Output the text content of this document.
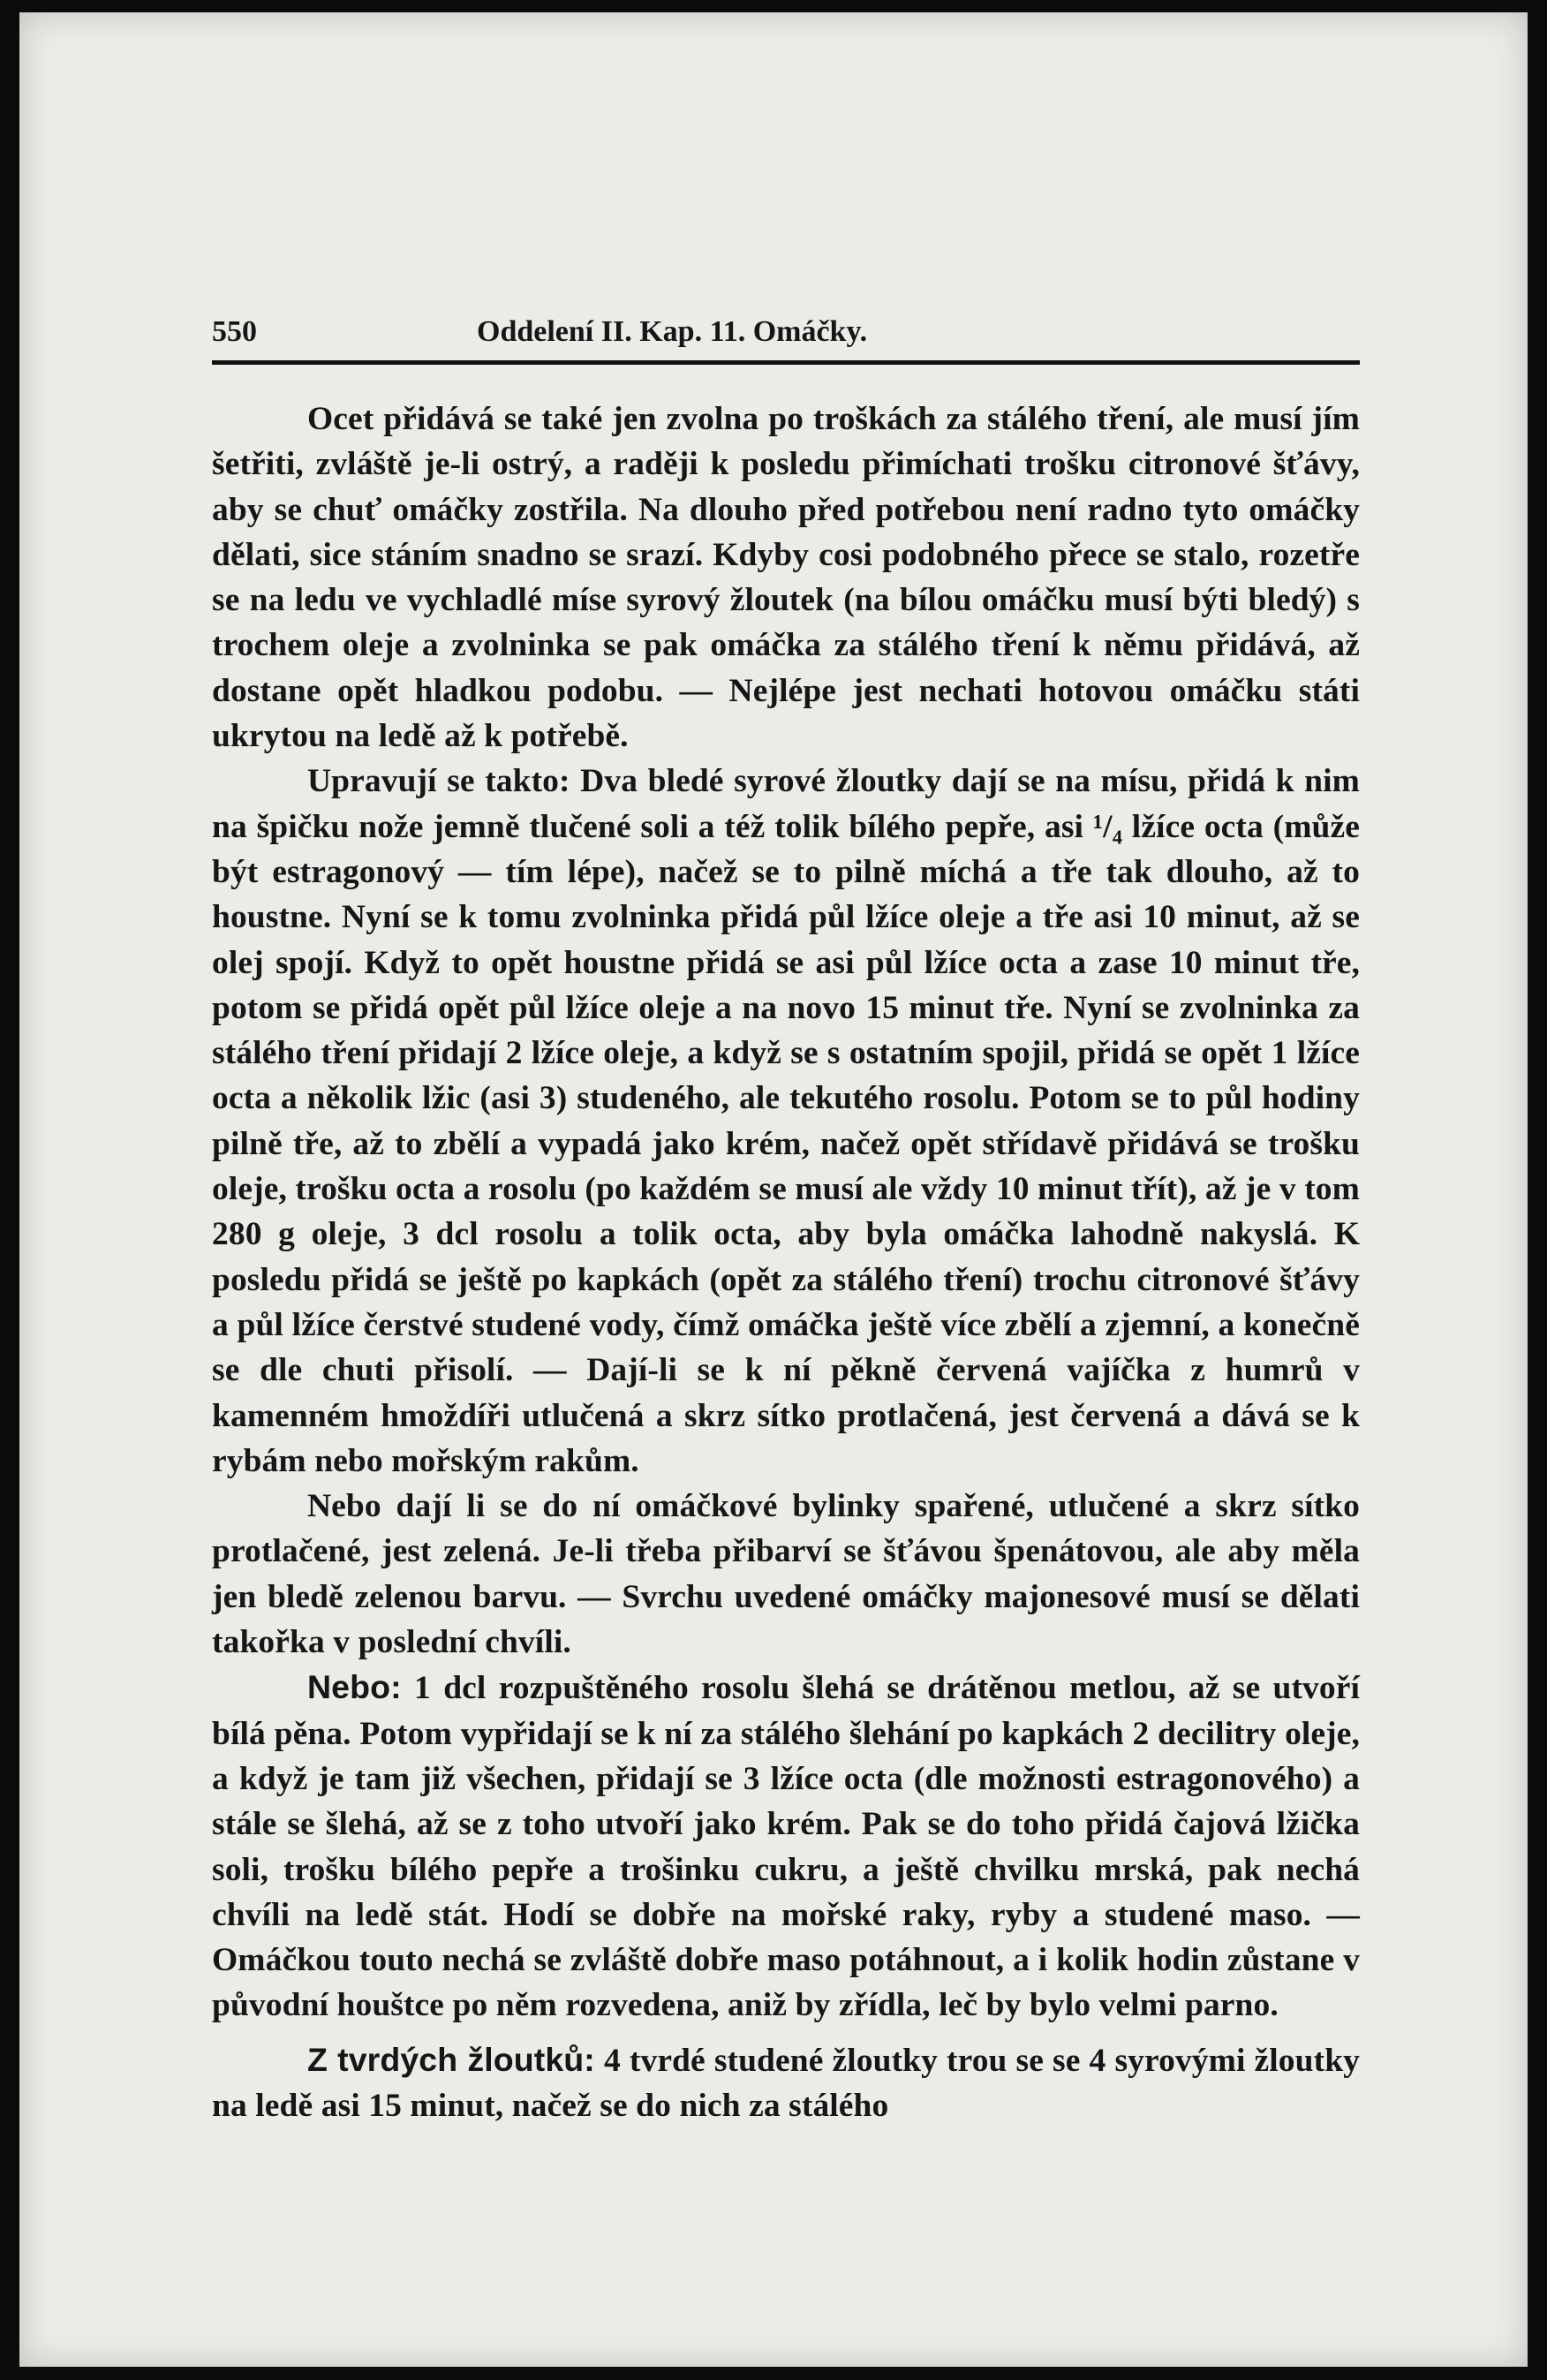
550	Oddelení II. Kap. 11. Omáčky.

Ocet přidává se také jen zvolna po troškách za stálého tření, ale musí jím šetřiti, zvláště je-li ostrý, a raději k posledu přimíchati trošku citronové šťávy, aby se chuť omáčky zostřila. Na dlouho před potřebou není radno tyto omáčky dělati, sice stáním snadno se srazí. Kdyby cosi podobného přece se stalo, rozetře se na ledu ve vychladlé míse syrový žloutek (na bílou omáčku musí býti bledý) s trochem oleje a zvolninka se pak omáčka za stálého tření k němu přidává, až dostane opět hladkou podobu. — Nejlépe jest nechati hotovou omáčku státi ukrytou na ledě až k potřebě.

Upravují se takto: Dva bledé syrové žloutky dají se na mísu, přidá k nim na špičku nože jemně tlučené soli a též tolik bílého pepře, asi ¹/₄ lžíce octa (může být estragonový — tím lépe), načež se to pilně míchá a tře tak dlouho, až to houstne. Nyní se k tomu zvolninka přidá půl lžíce oleje a tře asi 10 minut, až se olej spojí. Když to opět houstne přidá se asi půl lžíce octa a zase 10 minut tře, potom se přidá opět půl lžíce oleje a na novo 15 minut tře. Nyní se zvolninka za stálého tření přidají 2 lžíce oleje, a když se s ostatním spojil, přidá se opět 1 lžíce octa a několik lžic (asi 3) studeného, ale tekutého rosolu. Potom se to půl hodiny pilně tře, až to zbělí a vypadá jako krém, načež opět střídavě přidává se trošku oleje, trošku octa a rosolu (po každém se musí ale vždy 10 minut třít), až je v tom 280 g oleje, 3 dcl rosolu a tolik octa, aby byla omáčka lahodně nakyslá. K posledu přidá se ještě po kapkách (opět za stálého tření) trochu citronové šťávy a půl lžíce čerstvé studené vody, čímž omáčka ještě více zbělí a zjemní, a konečně se dle chuti přisolí. — Dají-li se k ní pěkně červená vajíčka z humrů v kamenném hmoždíři utlučená a skrz sítko protlačená, jest červená a dává se k rybám nebo mořským rakům.

Nebo dají li se do ní omáčkové bylinky spařené, utlučené a skrz sítko protlačené, jest zelená. Je-li třeba přibarví se šťávou špenátovou, ale aby měla jen bledě zelenou barvu. — Svrchu uvedené omáčky majonesové musí se dělati takořka v poslední chvíli.

Nebo: 1 dcl rozpuštěného rosolu šlehá se drátěnou metlou, až se utvoří bílá pěna. Potom vypřidají se k ní za stálého šlehání po kapkách 2 decilitry oleje, a když je tam již všechen, přidají se 3 lžíce octa (dle možnosti estragonového) a stále se šlehá, až se z toho utvoří jako krém. Pak se do toho přidá čajová lžička soli, trošku bílého pepře a trošinku cukru, a ještě chvilku mrská, pak nechá chvíli na ledě stát. Hodí se dobře na mořské raky, ryby a studené maso. — Omáčkou touto nechá se zvláště dobře maso potáhnout, a i kolik hodin zůstane v původní houštce po něm rozvedena, aniž by zřídla, leč by bylo velmi parno.

Z tvrdých žloutků: 4 tvrdé studené žloutky trou se se 4 syrovými žloutky na ledě asi 15 minut, načež se do nich za stálého
